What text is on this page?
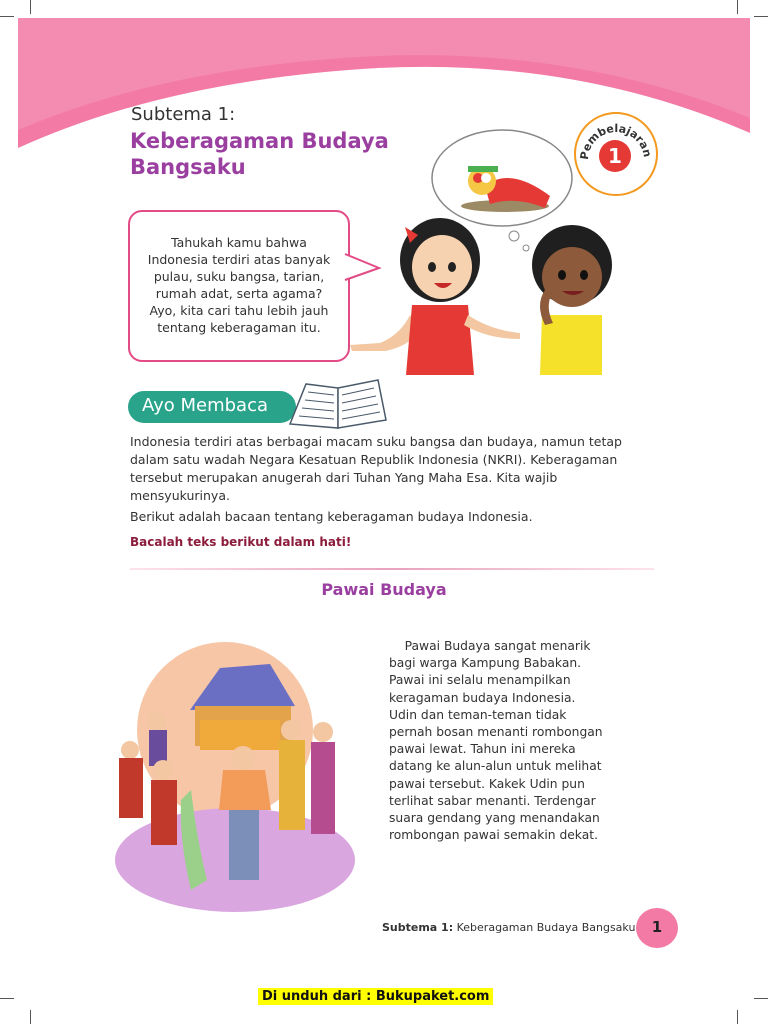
Subtema 1:
Keberagaman Budaya
Bangsaku	Pembelajaran
1
Tahukah kamu bahwa
Indonesia terdiri atas banyak
pulau, suku bangsa, tarian,
rumah adat, serta agama?
Ayo, kita cari tahu lebih jauh
tentang keberagaman itu.
Ayo Membaca
Indonesia terdiri atas berbagai macam suku bangsa dan budaya, namun tetap dalam satu wadah Negara Kesatuan Republik Indonesia (NKRI). Keberagaman tersebut merupakan anugerah dari Tuhan Yang Maha Esa. Kita wajib mensyukurinya.
Berikut adalah bacaan tentang keberagaman budaya Indonesia.
Bacalah teks berikut dalam hati!
Pawai Budaya
Pawai Budaya sangat menarik
bagi warga Kampung Babakan.
Pawai ini selalu menampilkan
keragaman budaya Indonesia.
Udin dan teman-teman tidak
pernah bosan menanti rombongan
pawai lewat. Tahun ini mereka
datang ke alun-alun untuk melihat
pawai tersebut. Kakek Udin pun
terlihat sabar menanti. Terdengar
suara gendang yang menandakan
rombongan pawai semakin dekat.
Subtema 1: Keberagaman Budaya Bangsaku	1
Di unduh dari : Bukupaket.com
